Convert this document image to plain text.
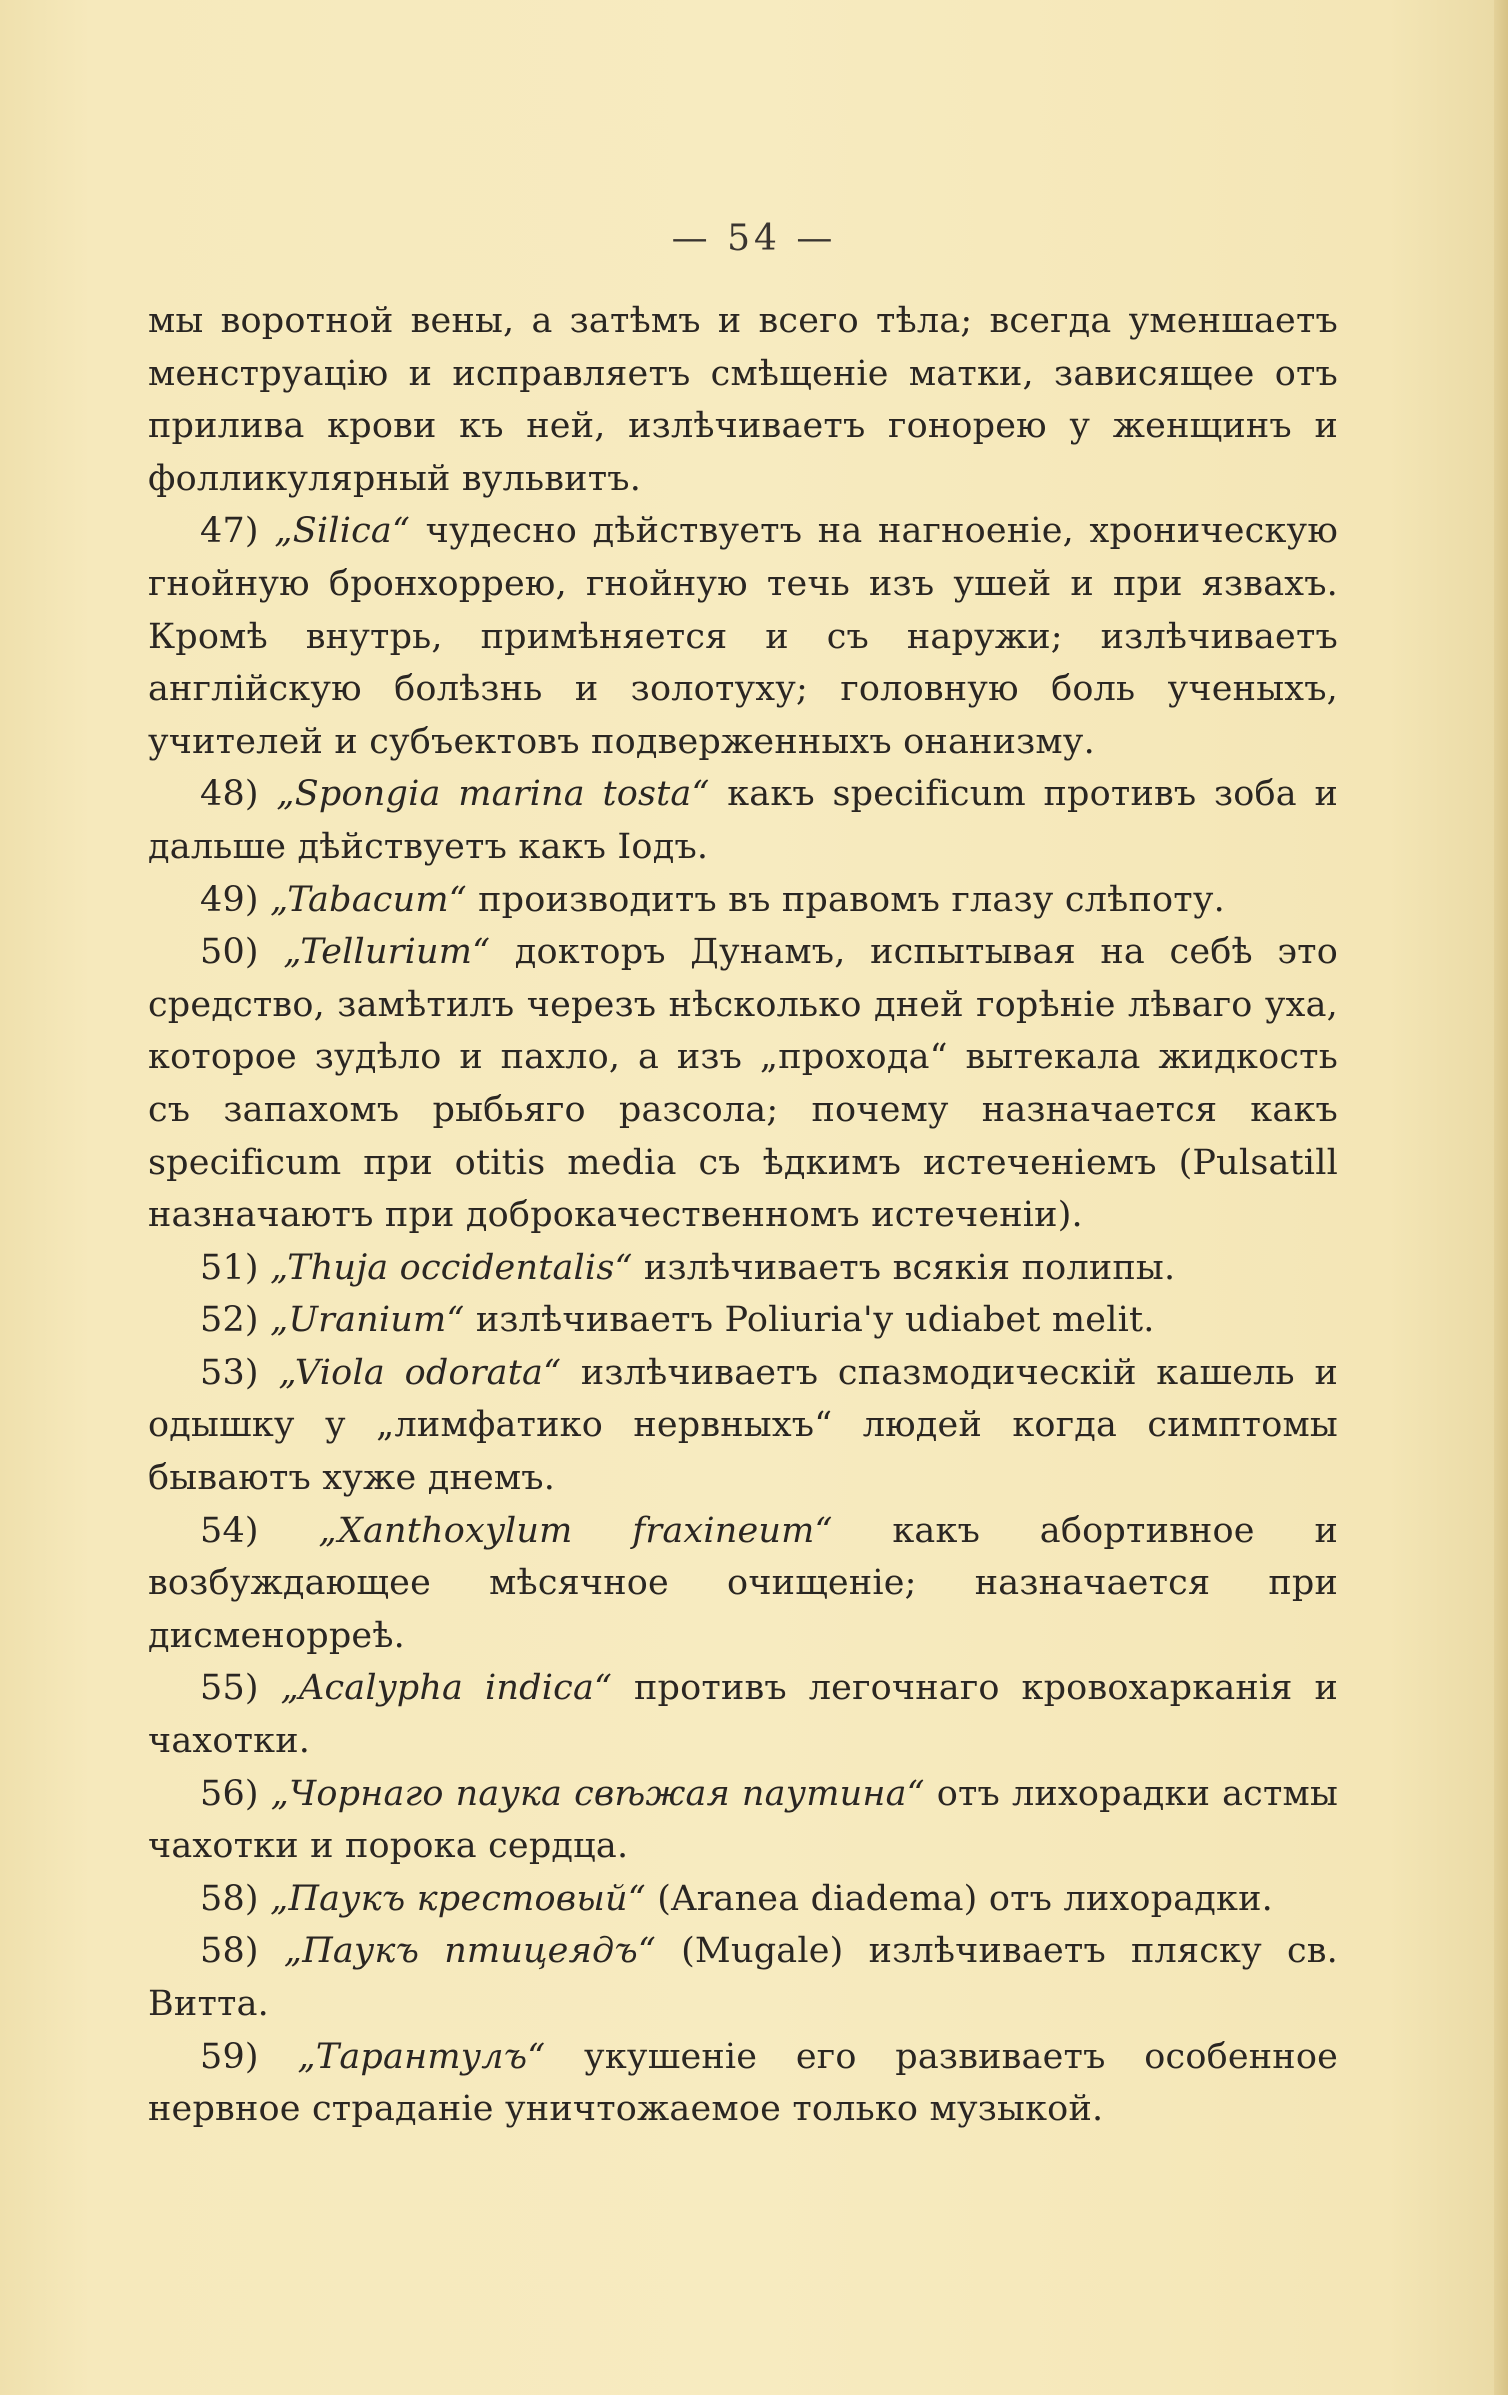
— 54 —

мы воротной вены, а затѣмъ и всего тѣла; всегда уменшаетъ менструацію и исправляетъ смѣщеніе матки, зависящее отъ прилива крови къ ней, излѣчиваетъ гонорею у женщинъ и фолликулярный вульвитъ.

47) „Silica“ чудесно дѣйствуетъ на нагноеніе, хроническую гнойную бронхоррею, гнойную течь изъ ушей и при язвахъ. Кромѣ внутрь, примѣняется и съ наружи; излѣчиваетъ англійскую болѣзнь и золотуху; головную боль ученыхъ, учителей и субъектовъ подверженныхъ онанизму.

48) „Spongia marina tosta“ какъ specificum противъ зоба и дальше дѣйствуетъ какъ Іодъ.

49) „Tabacum“ производитъ въ правомъ глазу слѣпоту.

50) „Tellurium“ докторъ Дунамъ, испытывая на себѣ это средство, замѣтилъ черезъ нѣсколько дней горѣніе лѣваго уха, которое зудѣло и пахло, а изъ „прохода“ вытекала жидкость съ запахомъ рыбьяго разсола; почему назначается какъ specificum при otitis media съ ѣдкимъ истеченіемъ (Pulsatill назначаютъ при доброкачественномъ истеченіи).

51) „Thuja occidentalis“ излѣчиваетъ всякія полипы.

52) „Uranium“ излѣчиваетъ Poliuria'у udiabet melit.

53) „Viola odorata“ излѣчиваетъ спазмодическій кашель и одышку у „лимфатико нервныхъ“ людей когда симптомы бываютъ хуже днемъ.

54) „Xanthoxylum fraxineum“ какъ абортивное и возбуждающее мѣсячное очищеніе; назначается при дисменорреѣ.

55) „Acalypha indica“ противъ легочнаго кровохарканія и чахотки.

56) „Чорнаго паука свѣжая паутина“ отъ лихорадки астмы чахотки и порока сердца.

58) „Паукъ крестовый“ (Aranea diadema) отъ лихорадки.

58) „Паукъ птицеядъ“ (Mugale) излѣчиваетъ пляску св. Витта.

59) „Тарантулъ“ укушеніе его развиваетъ особенное нервное страданіе уничтожаемое только музыкой.
